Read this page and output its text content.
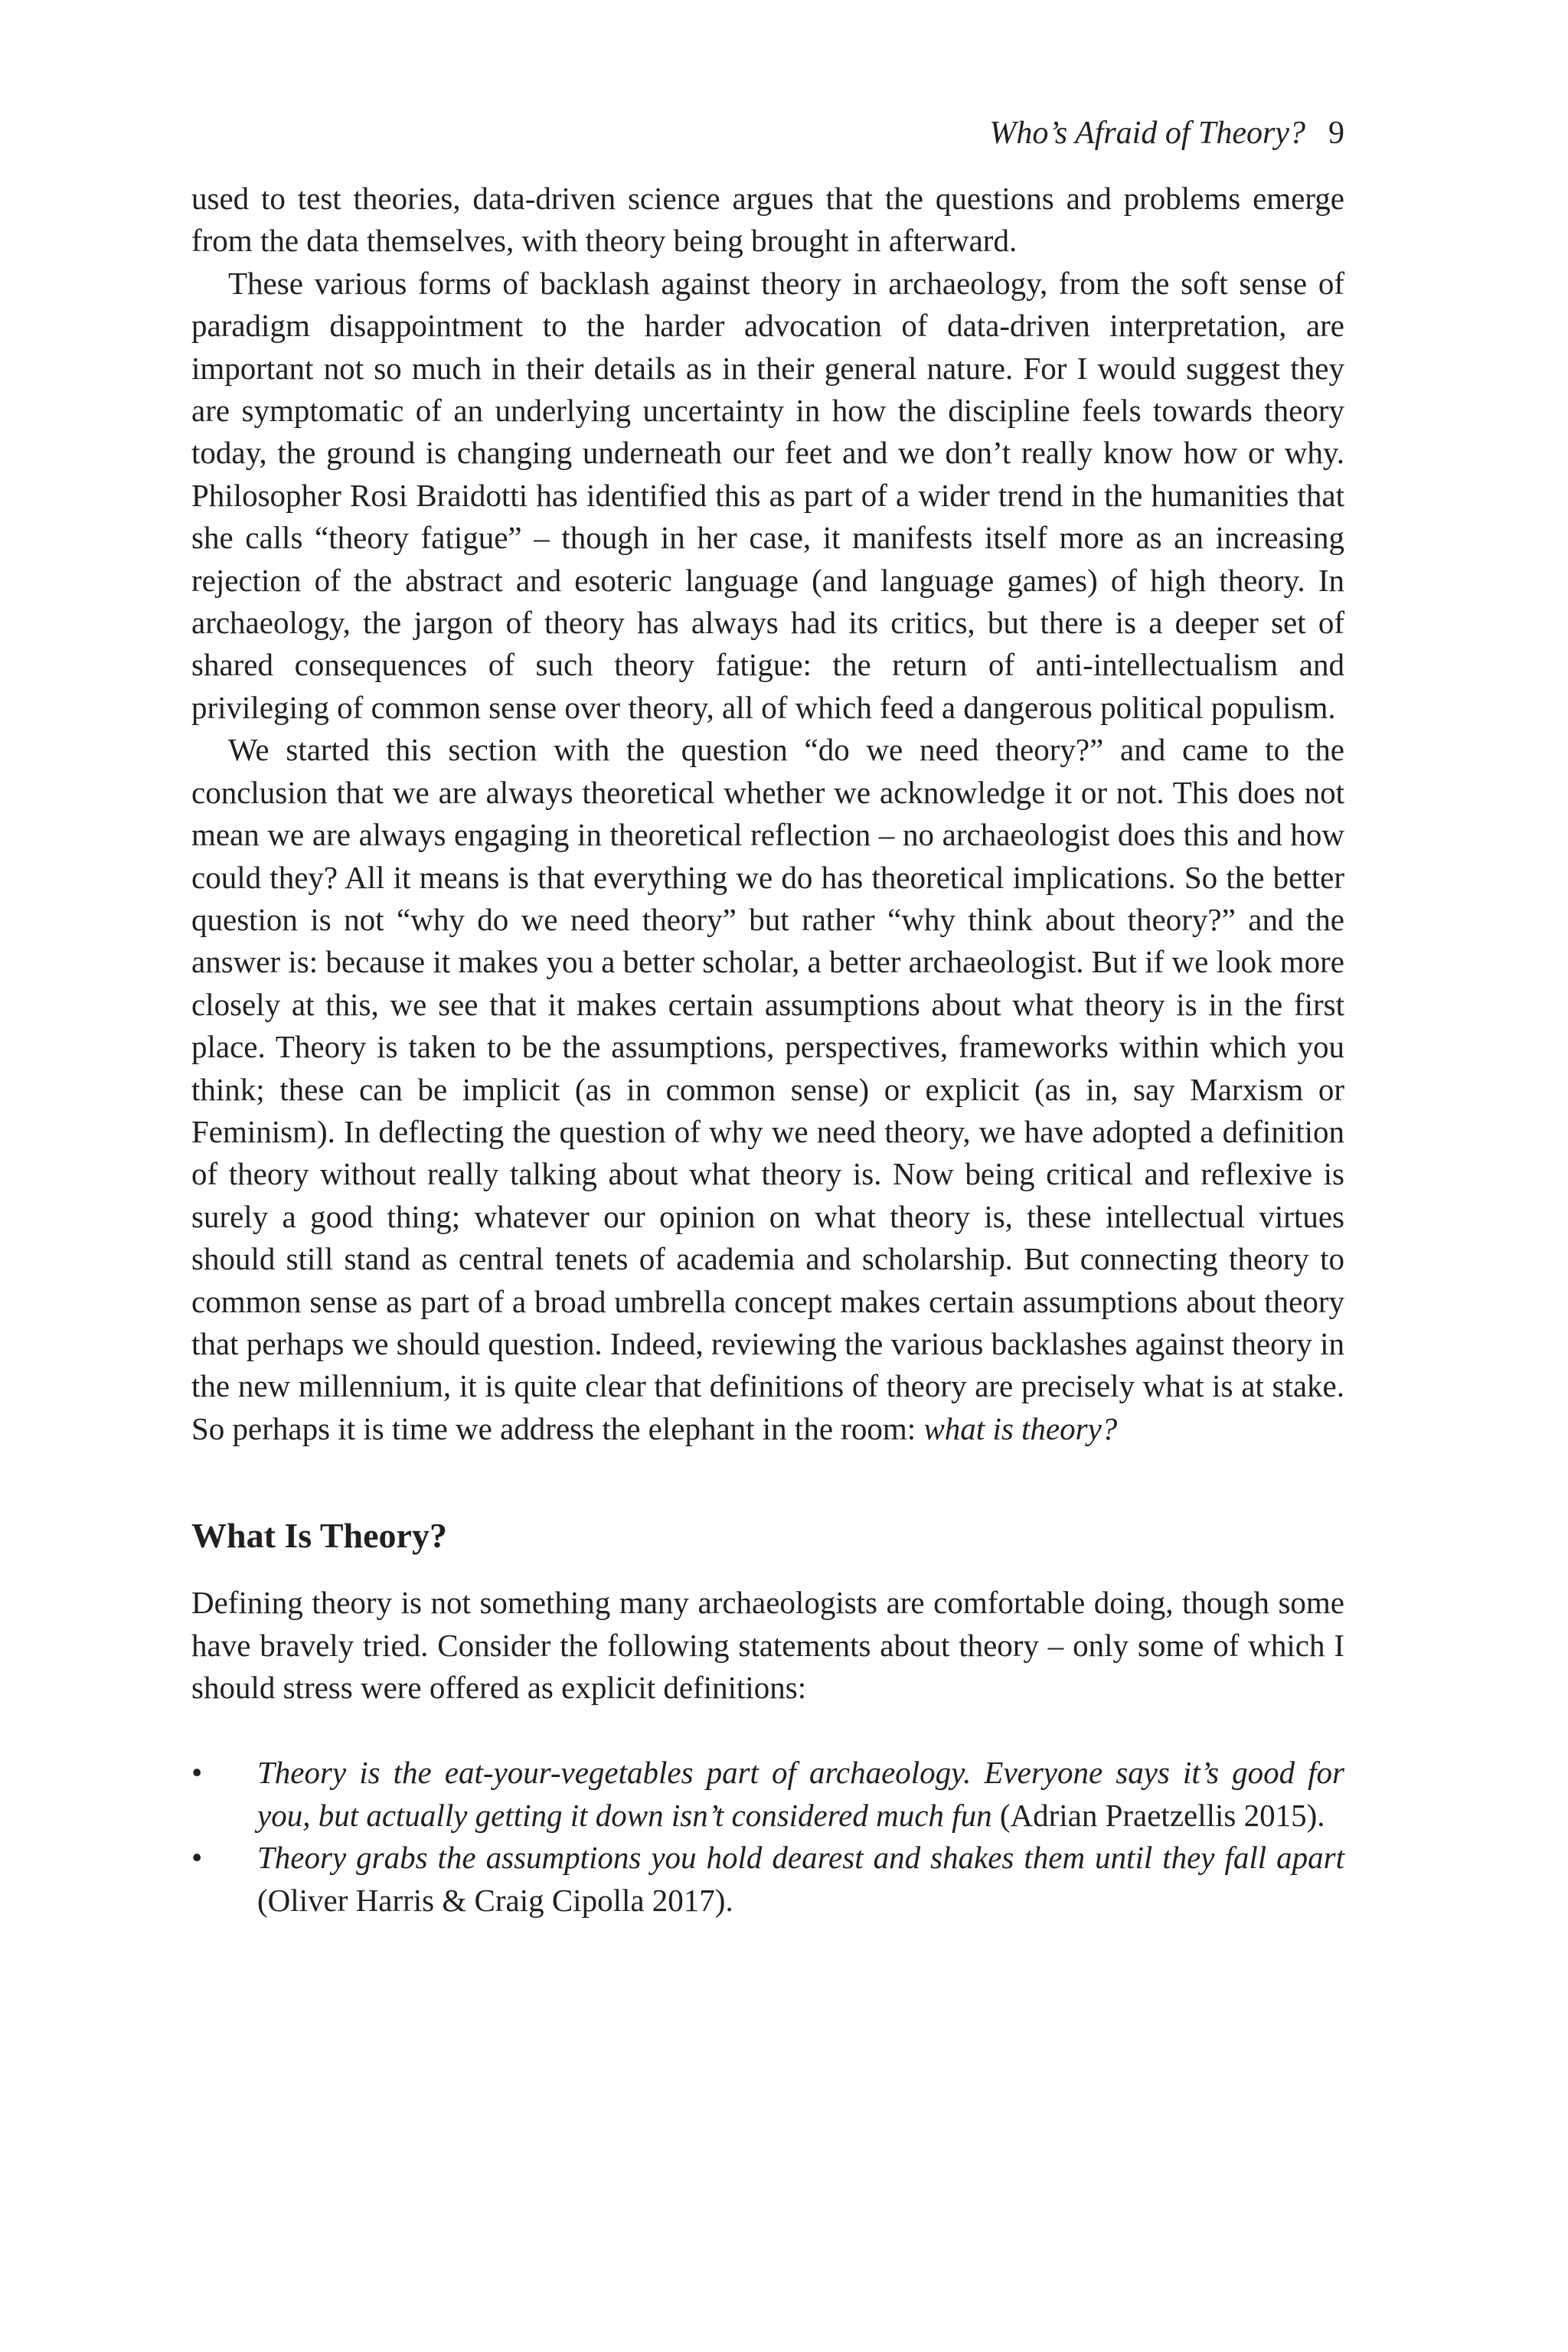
Who’s Afraid of Theory? 9

used to test theories, data-driven science argues that the questions and problems emerge from the data themselves, with theory being brought in afterward.

These various forms of backlash against theory in archaeology, from the soft sense of paradigm disappointment to the harder advocation of data-driven interpretation, are important not so much in their details as in their general nature. For I would suggest they are symptomatic of an underlying uncertainty in how the discipline feels towards theory today, the ground is changing underneath our feet and we don’t really know how or why. Philosopher Rosi Braidotti has identified this as part of a wider trend in the humanities that she calls “theory fatigue” – though in her case, it manifests itself more as an increasing rejection of the abstract and esoteric language (and language games) of high theory. In archaeology, the jargon of theory has always had its critics, but there is a deeper set of shared consequences of such theory fatigue: the return of anti-intellectualism and privileging of common sense over theory, all of which feed a dangerous political populism.

We started this section with the question “do we need theory?” and came to the conclusion that we are always theoretical whether we acknowledge it or not. This does not mean we are always engaging in theoretical reflection – no archaeologist does this and how could they? All it means is that everything we do has theoretical implications. So the better question is not “why do we need theory” but rather “why think about theory?” and the answer is: because it makes you a better scholar, a better archaeologist. But if we look more closely at this, we see that it makes certain assumptions about what theory is in the first place. Theory is taken to be the assumptions, perspectives, frameworks within which you think; these can be implicit (as in common sense) or explicit (as in, say Marxism or Feminism). In deflecting the question of why we need theory, we have adopted a definition of theory without really talking about what theory is. Now being critical and reflexive is surely a good thing; whatever our opinion on what theory is, these intellectual virtues should still stand as central tenets of academia and scholarship. But connecting theory to common sense as part of a broad umbrella concept makes certain assumptions about theory that perhaps we should question. Indeed, reviewing the various backlashes against theory in the new millennium, it is quite clear that definitions of theory are precisely what is at stake. So perhaps it is time we address the elephant in the room: what is theory?

What Is Theory?

Defining theory is not something many archaeologists are comfortable doing, though some have bravely tried. Consider the following statements about theory – only some of which I should stress were offered as explicit definitions:

• Theory is the eat-your-vegetables part of archaeology. Everyone says it’s good for you, but actually getting it down isn’t considered much fun (Adrian Praetzellis 2015).
• Theory grabs the assumptions you hold dearest and shakes them until they fall apart (Oliver Harris & Craig Cipolla 2017).
